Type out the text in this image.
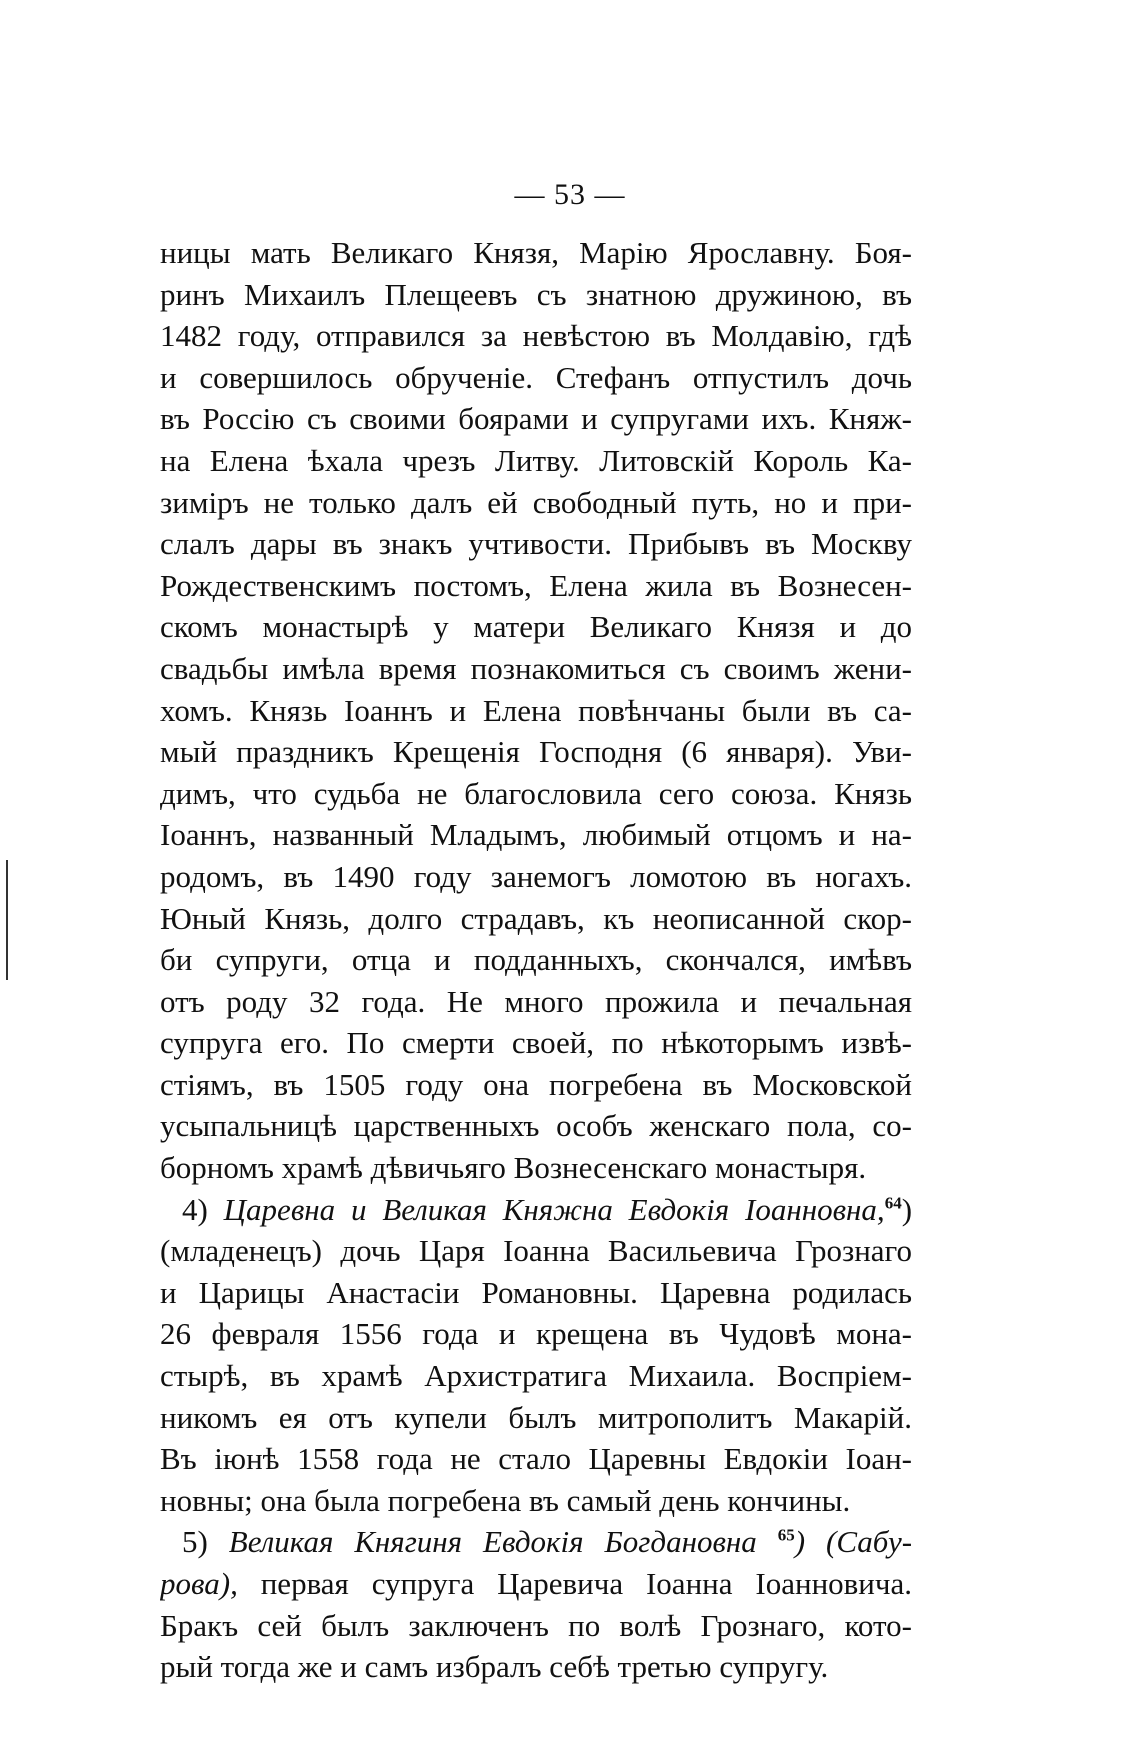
— 53 —
ницы мать Великаго Князя, Марію Ярославну. Боя-
ринъ Михаилъ Плещеевъ съ знатною дружиною, въ
1482 году, отправился за невѣстою въ Молдавію, гдѣ
и совершилось обрученіе. Стефанъ отпустилъ дочь
въ Россію съ своими боярами и супругами ихъ. Княж-
на Елена ѣхала чрезъ Литву. Литовскій Король Ка-
зиміръ не только далъ ей свободный путь, но и при-
слалъ дары въ знакъ учтивости. Прибывъ въ Москву
Рождественскимъ постомъ, Елена жила въ Вознесен-
скомъ монастырѣ у матери Великаго Князя и до
свадьбы имѣла время познакомиться съ своимъ жени-
хомъ. Князь Іоаннъ и Елена повѣнчаны были въ са-
мый праздникъ Крещенія Господня (6 января). Уви-
димъ, что судьба не благословила сего союза. Князь
Іоаннъ, названный Младымъ, любимый отцомъ и на-
родомъ, въ 1490 году занемогъ ломотою въ ногахъ.
Юный Князь, долго страдавъ, къ неописанной скор-
би супруги, отца и подданныхъ, скончался, имѣвъ
отъ роду 32 года. Не много прожила и печальная
супруга его. По смерти своей, по нѣкоторымъ извѣ-
стіямъ, въ 1505 году она погребена въ Московской
усыпальницѣ царственныхъ особъ женскаго пола, со-
борномъ храмѣ дѣвичьяго Вознесенскаго монастыря.
4) Царевна и Великая Княжна Евдокія Іоанновна,$^{64}$)
(младенецъ) дочь Царя Іоанна Васильевича Грознаго
и Царицы Анастасіи Романовны. Царевна родилась
26 февраля 1556 года и крещена въ Чудовѣ мона-
стырѣ, въ храмѣ Архистратига Михаила. Воспріем-
никомъ ея отъ купели былъ митрополитъ Макарій.
Въ іюнѣ 1558 года не стало Царевны Евдокіи Іоан-
новны; она была погребена въ самый день кончины.
5) Великая Княгиня Евдокія Богдановна $^{65}$) (Сабу-
рова), первая супруга Царевича Іоанна Іоанновича.
Бракъ сей былъ заключенъ по волѣ Грознаго, кото-
рый тогда же и самъ избралъ себѣ третью супругу.
